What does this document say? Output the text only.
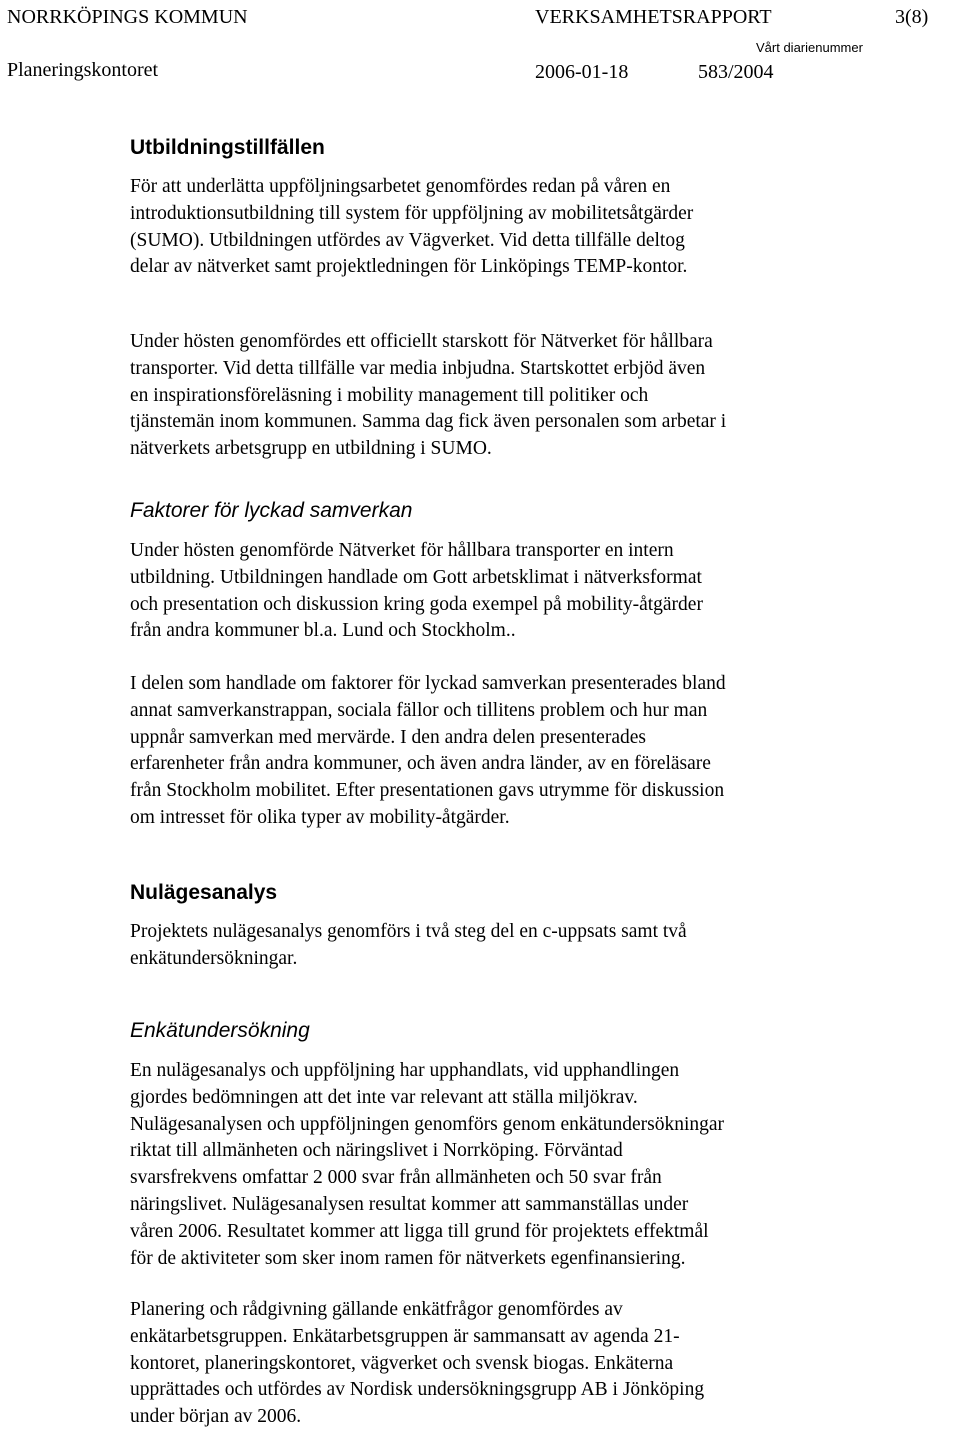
NORRKÖPINGS KOMMUN	VERKSAMHETSRAPPORT	3(8)
Planeringskontoret	2006-01-18
Vårt diarienummer
583/2004
Utbildningstillfällen
För att underlätta uppföljningsarbetet genomfördes redan på våren en
introduktionsutbildning till system för uppföljning av mobilitetsåtgärder
(SUMO). Utbildningen utfördes av Vägverket. Vid detta tillfälle deltog
delar av nätverket samt projektledningen för Linköpings TEMP-kontor.
Under hösten genomfördes ett officiellt starskott för Nätverket för hållbara
transporter. Vid detta tillfälle var media inbjudna. Startskottet erbjöd även
en inspirationsföreläsning i mobility management till politiker och
tjänstemän inom kommunen. Samma dag fick även personalen som arbetar i
nätverkets arbetsgrupp en utbildning i SUMO.
Faktorer för lyckad samverkan
Under hösten genomförde Nätverket för hållbara transporter en intern
utbildning. Utbildningen handlade om Gott arbetsklimat i nätverksformat
och presentation och diskussion kring goda exempel på mobility-åtgärder
från andra kommuner bl.a. Lund och Stockholm..
I delen som handlade om faktorer för lyckad samverkan presenterades bland
annat samverkanstrappan, sociala fällor och tillitens problem och hur man
uppnår samverkan med mervärde. I den andra delen presenterades
erfarenheter från andra kommuner, och även andra länder, av en föreläsare
från Stockholm mobilitet. Efter presentationen gavs utrymme för diskussion
om intresset för olika typer av mobility-åtgärder.
Nulägesanalys
Projektets nulägesanalys genomförs i två steg del en c-uppsats samt två
enkätundersökningar.
Enkätundersökning
En nulägesanalys och uppföljning har upphandlats, vid upphandlingen
gjordes bedömningen att det inte var relevant att ställa miljökrav.
Nulägesanalysen och uppföljningen genomförs genom enkätundersökningar
riktat till allmänheten och näringslivet i Norrköping. Förväntad
svarsfrekvens omfattar 2 000 svar från allmänheten och 50 svar från
näringslivet. Nulägesanalysen resultat kommer att sammanställas under
våren 2006. Resultatet kommer att ligga till grund för projektets effektmål
för de aktiviteter som sker inom ramen för nätverkets egenfinansiering.
Planering och rådgivning gällande enkätfrågor genomfördes av
enkätarbetsgruppen. Enkätarbetsgruppen är sammansatt av agenda 21-
kontoret, planeringskontoret, vägverket och svensk biogas. Enkäterna
upprättades och utfördes av Nordisk undersökningsgrupp AB i Jönköping
under början av 2006.
